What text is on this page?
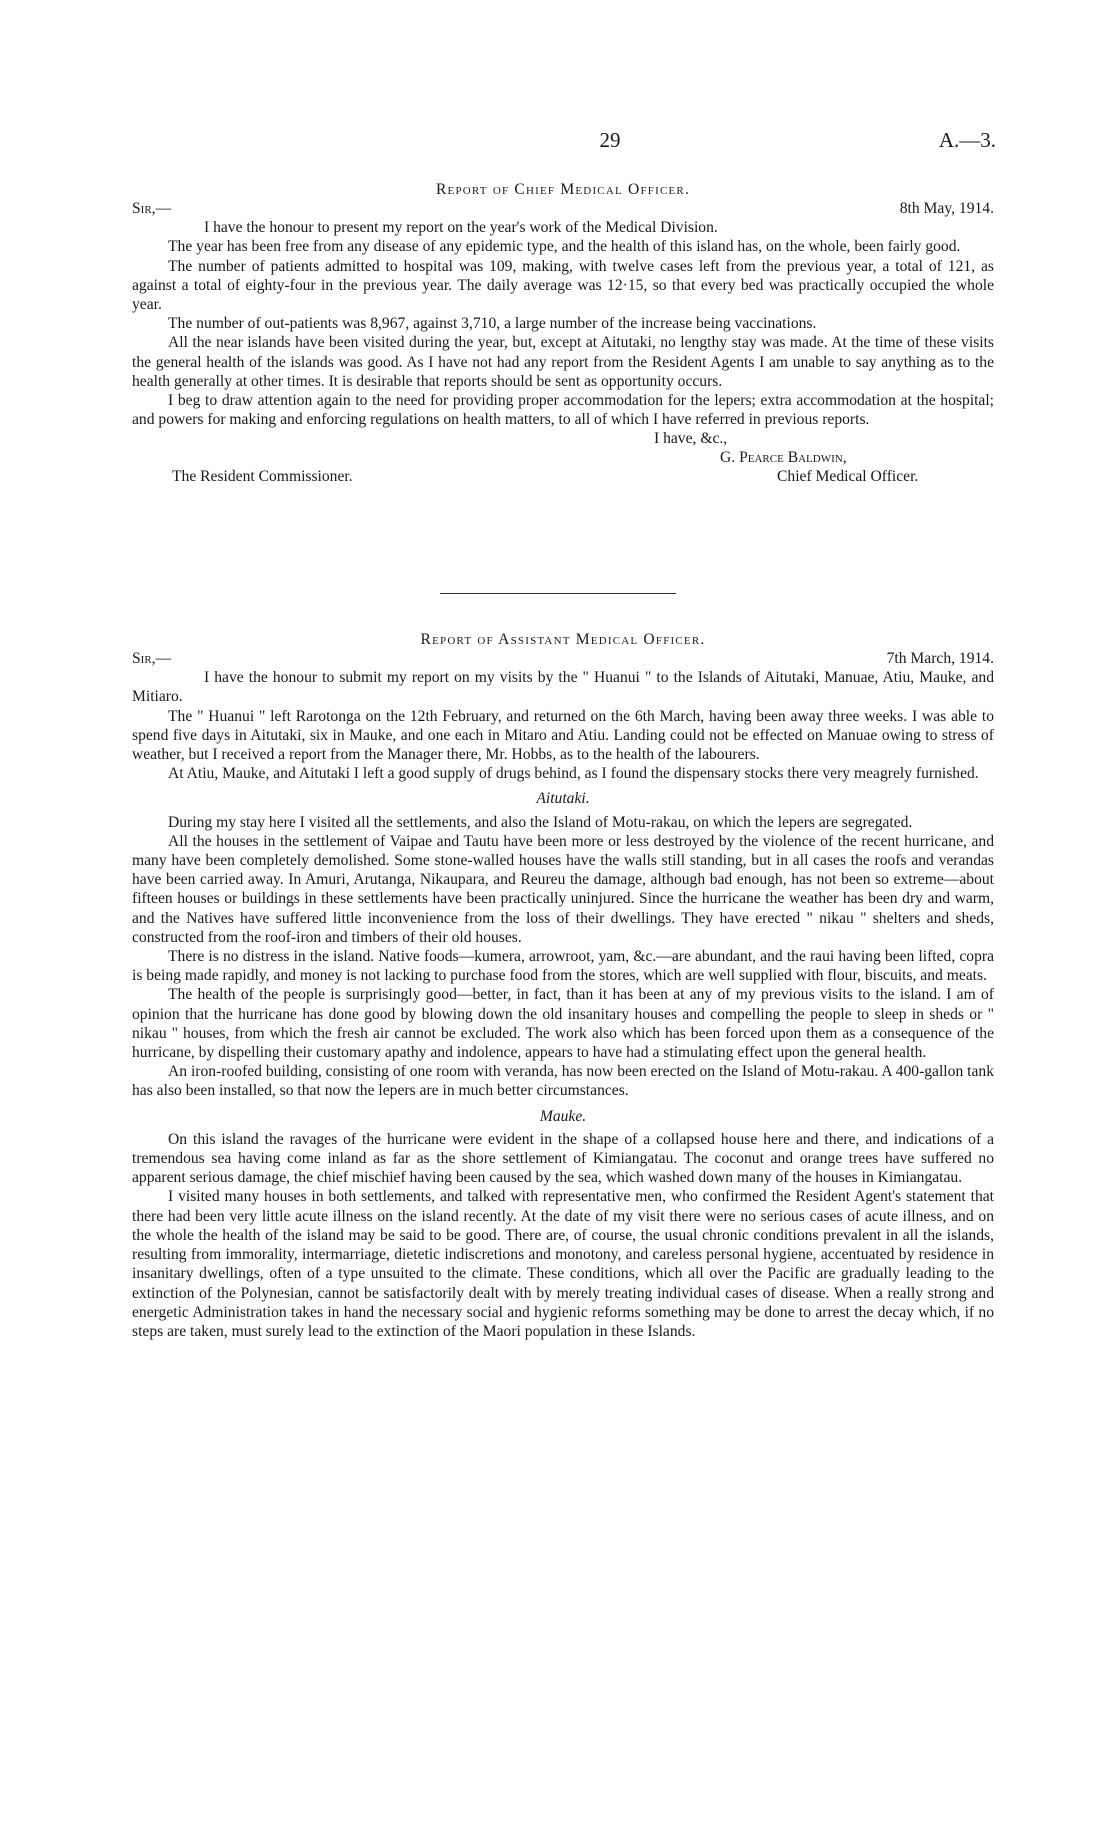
29	A.—3.
Report of Chief Medical Officer.
Sir,—	8th May, 1914.

I have the honour to present my report on the year's work of the Medical Division.

The year has been free from any disease of any epidemic type, and the health of this island has, on the whole, been fairly good.

The number of patients admitted to hospital was 109, making, with twelve cases left from the previous year, a total of 121, as against a total of eighty-four in the previous year. The daily average was 12·15, so that every bed was practically occupied the whole year.

The number of out-patients was 8,967, against 3,710, a large number of the increase being vaccinations.

All the near islands have been visited during the year, but, except at Aitutaki, no lengthy stay was made. At the time of these visits the general health of the islands was good. As I have not had any report from the Resident Agents I am unable to say anything as to the health generally at other times. It is desirable that reports should be sent as opportunity occurs.

I beg to draw attention again to the need for providing proper accommodation for the lepers; extra accommodation at the hospital; and powers for making and enforcing regulations on health matters, to all of which I have referred in previous reports.

I have, &c.,
G. Pearce Baldwin,
The Resident Commissioner.	Chief Medical Officer.
Report of Assistant Medical Officer.
Sir,—	7th March, 1914.

I have the honour to submit my report on my visits by the " Huanui " to the Islands of Aitutaki, Manuae, Atiu, Mauke, and Mitiaro.

The " Huanui " left Rarotonga on the 12th February, and returned on the 6th March, having been away three weeks. I was able to spend five days in Aitutaki, six in Mauke, and one each in Mitaro and Atiu. Landing could not be effected on Manuae owing to stress of weather, but I received a report from the Manager there, Mr. Hobbs, as to the health of the labourers.

At Atiu, Mauke, and Aitutaki I left a good supply of drugs behind, as I found the dispensary stocks there very meagrely furnished.

Aitutaki.

During my stay here I visited all the settlements, and also the Island of Motu-rakau, on which the lepers are segregated.

All the houses in the settlement of Vaipae and Tautu have been more or less destroyed by the violence of the recent hurricane, and many have been completely demolished. Some stone-walled houses have the walls still standing, but in all cases the roofs and verandas have been carried away. In Amuri, Arutanga, Nikaupara, and Reureu the damage, although bad enough, has not been so extreme—about fifteen houses or buildings in these settlements have been practically uninjured. Since the hurricane the weather has been dry and warm, and the Natives have suffered little inconvenience from the loss of their dwellings. They have erected " nikau " shelters and sheds, constructed from the roof-iron and timbers of their old houses.

There is no distress in the island. Native foods—kumera, arrowroot, yam, &c.—are abundant, and the raui having been lifted, copra is being made rapidly, and money is not lacking to purchase food from the stores, which are well supplied with flour, biscuits, and meats.

The health of the people is surprisingly good—better, in fact, than it has been at any of my previous visits to the island. I am of opinion that the hurricane has done good by blowing down the old insanitary houses and compelling the people to sleep in sheds or " nikau " houses, from which the fresh air cannot be excluded. The work also which has been forced upon them as a consequence of the hurricane, by dispelling their customary apathy and indolence, appears to have had a stimulating effect upon the general health.

An iron-roofed building, consisting of one room with veranda, has now been erected on the Island of Motu-rakau. A 400-gallon tank has also been installed, so that now the lepers are in much better circumstances.

Mauke.

On this island the ravages of the hurricane were evident in the shape of a collapsed house here and there, and indications of a tremendous sea having come inland as far as the shore settlement of Kimiangatau. The coconut and orange trees have suffered no apparent serious damage, the chief mischief having been caused by the sea, which washed down many of the houses in Kimiangatau.

I visited many houses in both settlements, and talked with representative men, who confirmed the Resident Agent's statement that there had been very little acute illness on the island recently. At the date of my visit there were no serious cases of acute illness, and on the whole the health of the island may be said to be good. There are, of course, the usual chronic conditions prevalent in all the islands, resulting from immorality, intermarriage, dietetic indiscretions and monotony, and careless personal hygiene, accentuated by residence in insanitary dwellings, often of a type unsuited to the climate. These conditions, which all over the Pacific are gradually leading to the extinction of the Polynesian, cannot be satisfactorily dealt with by merely treating individual cases of disease. When a really strong and energetic Administration takes in hand the necessary social and hygienic reforms something may be done to arrest the decay which, if no steps are taken, must surely lead to the extinction of the Maori population in these Islands.
